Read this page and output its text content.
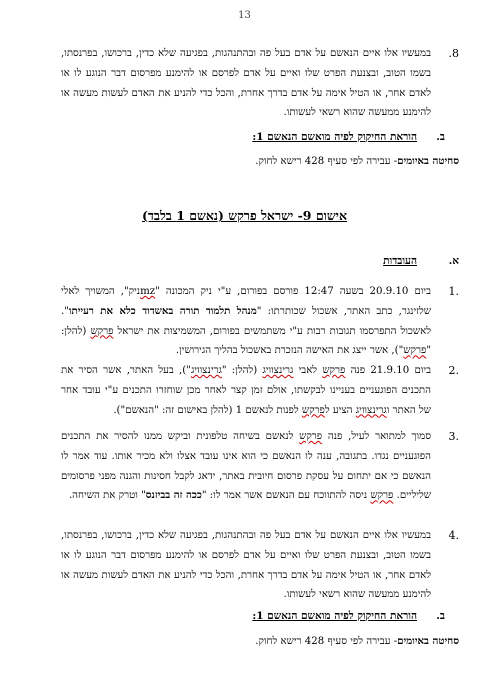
13
8.
במעשיו אלו איים הנאשם על אדם בעל פה ובהתנהגות, בפגיעה שלא כדין, ברכושו, בפרנסתו, בשמו הטוב, ובצנעת הפרט שלו ואיים על אדם לפרסם או להימנע מפרסום דבר הנוגע לו או לאדם אחר, או הטיל אימה על אדם בדרך אחרת, והכל כדי להניע את האדם לעשות מעשה או להימנע ממעשה שהוא רשאי לעשותו.
ב.
הוראת החיקוק לפיה מואשם הנאשם 1:
סחיטה באיומים- עבירה לפי סעיף 428 רישא לחוק.
אישום 9- ישראל פרקש (נאשם 1 בלבד)
א.
העובדות
.1
ביום 20.9.10 בשעה 12:47 פורסם בפורום, ע"י ניק המכונה "mzניק", המשויך לאלי שלזינגר, כתב האתר, אשכול שכותרתו: "מנהל תלמוד תורה באשדוד כלא את רעייתו". לאשכול התפרסמו תגובות רבות ע"י משתמשים בפורום, המשמיצות את ישראל פרקש (להלן: "פרקש"), אשר ייצג את האישה הנזכרת באשכול בהליך הגירושין.
.2
ביום 21.9.10 פנה פרקש לאבי גרינצוויג (להלן: "גרינצוויג"), בעל האתר, אשר הסיר את התכנים הפוגעניים בעניינו לבקשתו, אולם זמן קצר לאחר מכן שוחזרו התכנים ע"י עובד אחר של האתר וגרינצוויג הציע לפרקש לפנות לנאשם 1 (להלן באישום זה: "הנאשם").
.3
סמוך למתואר לעיל, פנה פרקש לנאשם בשיחה טלפונית וביקש ממנו להסיר את התכנים הפוגעניים נגדו. בתגובה, ענה לו הנאשם כי הוא אינו עובד אצלו ולא מכיר אותו. עוד אמר לו הנאשם כי אם יתחום על עסקת פרסום חיובית באתר, ידאג לקבל חסינות והגנה מפני פרסומים שליליים. פרקש ניסה להתווכח עם הנאשם אשר אמר לו: "ככה זה בביזנס" וטרק את השיחה.
.4
במעשיו אלו איים הנאשם על אדם בעל פה ובהתנהגות, בפגיעה שלא כדין, ברכושו, בפרנסתו, בשמו הטוב, ובצנעת הפרט שלו ואיים על אדם לפרסם או להימנע מפרסום דבר הנוגע לו או לאדם אחר, או הטיל אימה על אדם בדרך אחרת, והכל כדי להניע את האדם לעשות מעשה או להימנע ממעשה שהוא רשאי לעשותו.
ב.
הוראת החיקוק לפיה מואשם הנאשם 1:
סחיטה באיומים- עבירה לפי סעיף 428 רישא לחוק.
